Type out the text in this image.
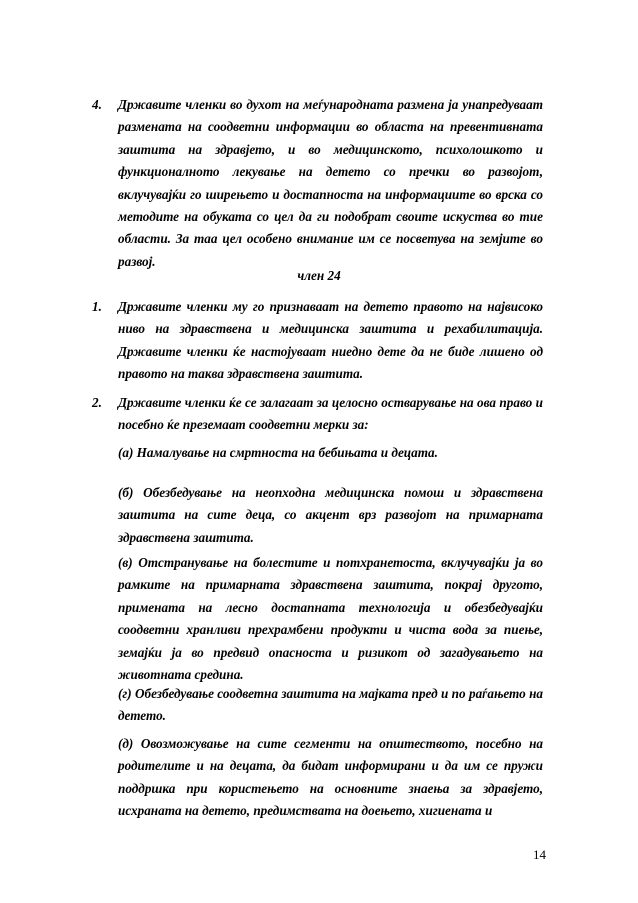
4. Државите членки во духот на меѓународната размена ја унапредуваат размената на соодветни информации во областа на превентивната заштита на здравјето, и во медицинското, психолошкото и функционалното лекување на детето со пречки во развојот, вклучувајќи го ширењето и достапноста на информациите во врска со методите на обуката со цел да ги подобрат своите искуства во тие области. За таа цел особено внимание им се посветува на земјите во развој.

член 24
1. Државите членки му го признаваат на детето правото на највисоко ниво на здравствена и медицинска заштита и рехабилитација. Државите членки ќе настојуваат ниедно дете да не биде лишено од правото на таква здравствена заштита.

2. Државите членки ќе се залагаат за целосно остварување на ова право и посебно ќе преземаат соодветни мерки за:

(а) Намалување на смртноста на бебињата и децата.

(б) Обезбедување на неопходна медицинска помош и здравствена заштита на сите деца, со акцент врз развојот на примарната здравствена заштита.

(в) Отстранување на болестите и потхранетоста, вклучувајќи ја во рамките на примарната здравствена заштита, покрај другото, примената на лесно достапната технологија и обезбедувајќи соодветни хранливи прехрамбени продукти и чиста вода за пиење, земајќи ја во предвид опасноста и ризикот од загадувањето на животната средина.

(г) Обезбедување соодветна заштита на мајката пред и по раѓањето на детето.

(д) Овозможување на сите сегменти на општеството, посебно на родителите и на децата, да бидат информирани и да им се пружи поддршка при користењето на основните знаења за здравјето, исхраната на детето, предимствата на доењето, хигиената и

14
